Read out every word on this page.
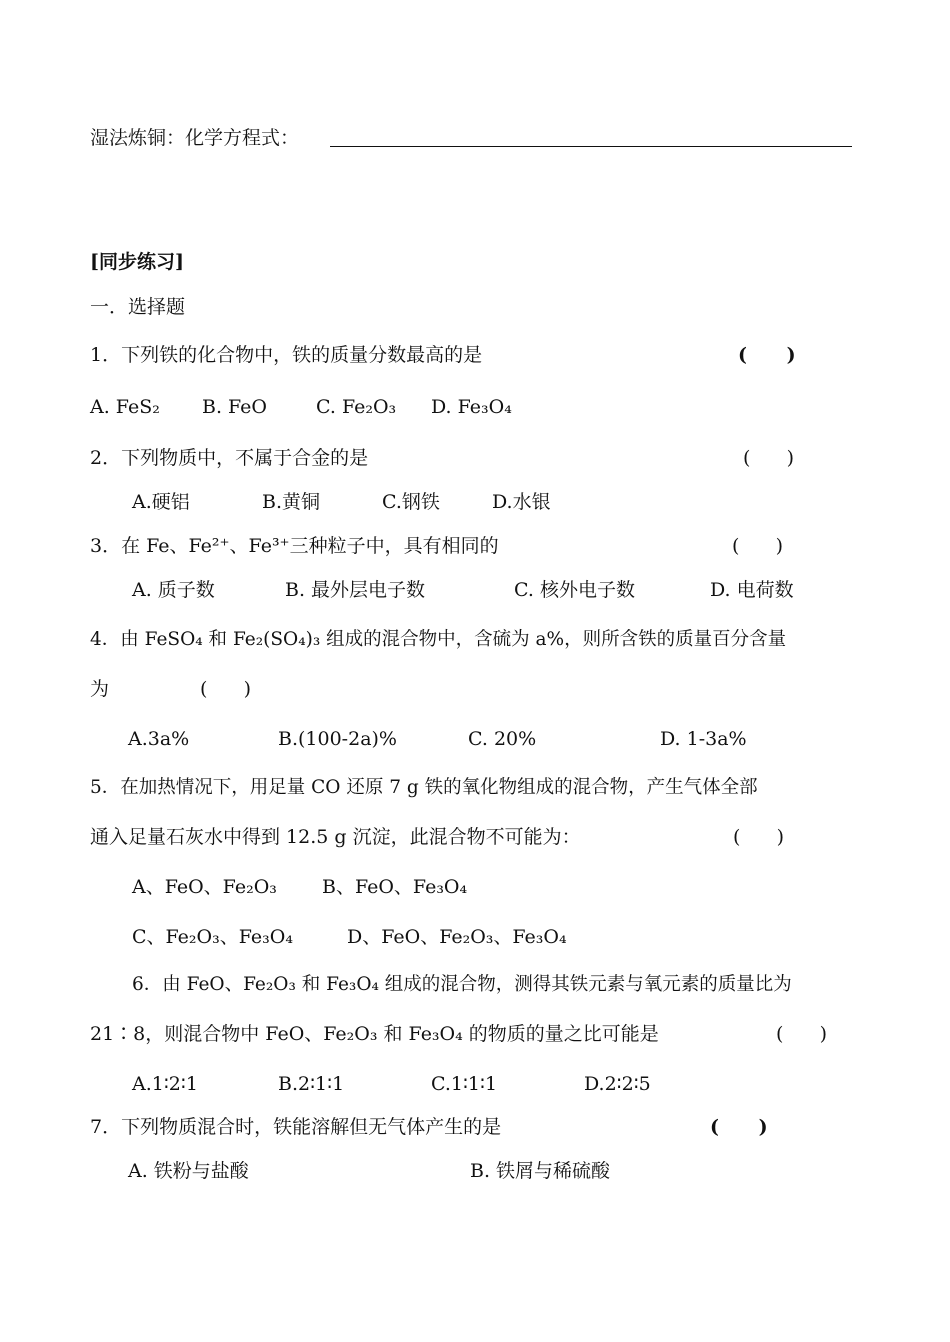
湿法炼铜：化学方程式：
[同步练习]
一．选择题
1．下列铁的化合物中，铁的质量分数最高的是	(      )
A. FeS₂ B. FeO	C. Fe₂O₃ D. Fe₃O₄
2．下列物质中，不属于合金的是	(      )
A.硬铝	B.黄铜	C.钢铁	D.水银
3．在 Fe、Fe²⁺、Fe³⁺三种粒子中，具有相同的	(      )
A. 质子数	B. 最外层电子数	C. 核外电子数	D. 电荷数
4．由 FeSO₄ 和 Fe₂(SO₄)₃ 组成的混合物中，含硫为 a%，则所含铁的质量百分含量
为	(      )
A.3a%	B.(100-2a)%	C. 20%	D. 1-3a%
5．在加热情况下，用足量 CO 还原 7 g 铁的氧化物组成的混合物，产生气体全部
通入足量石灰水中得到 12.5 g 沉淀，此混合物不可能为：	(      )
A、FeO、Fe₂O₃ B、FeO、Fe₃O₄
C、Fe₂O₃、Fe₃O₄	D、FeO、Fe₂O₃、Fe₃O₄
6．由 FeO、Fe₂O₃ 和 Fe₃O₄ 组成的混合物，测得其铁元素与氧元素的质量比为
21∶8，则混合物中 FeO、Fe₂O₃ 和 Fe₃O₄ 的物质的量之比可能是	(      )
A.1∶2∶1	B.2∶1∶1	C.1∶1∶1	D.2∶2∶5
7．下列物质混合时，铁能溶解但无气体产生的是	(      )
A. 铁粉与盐酸	B. 铁屑与稀硫酸
